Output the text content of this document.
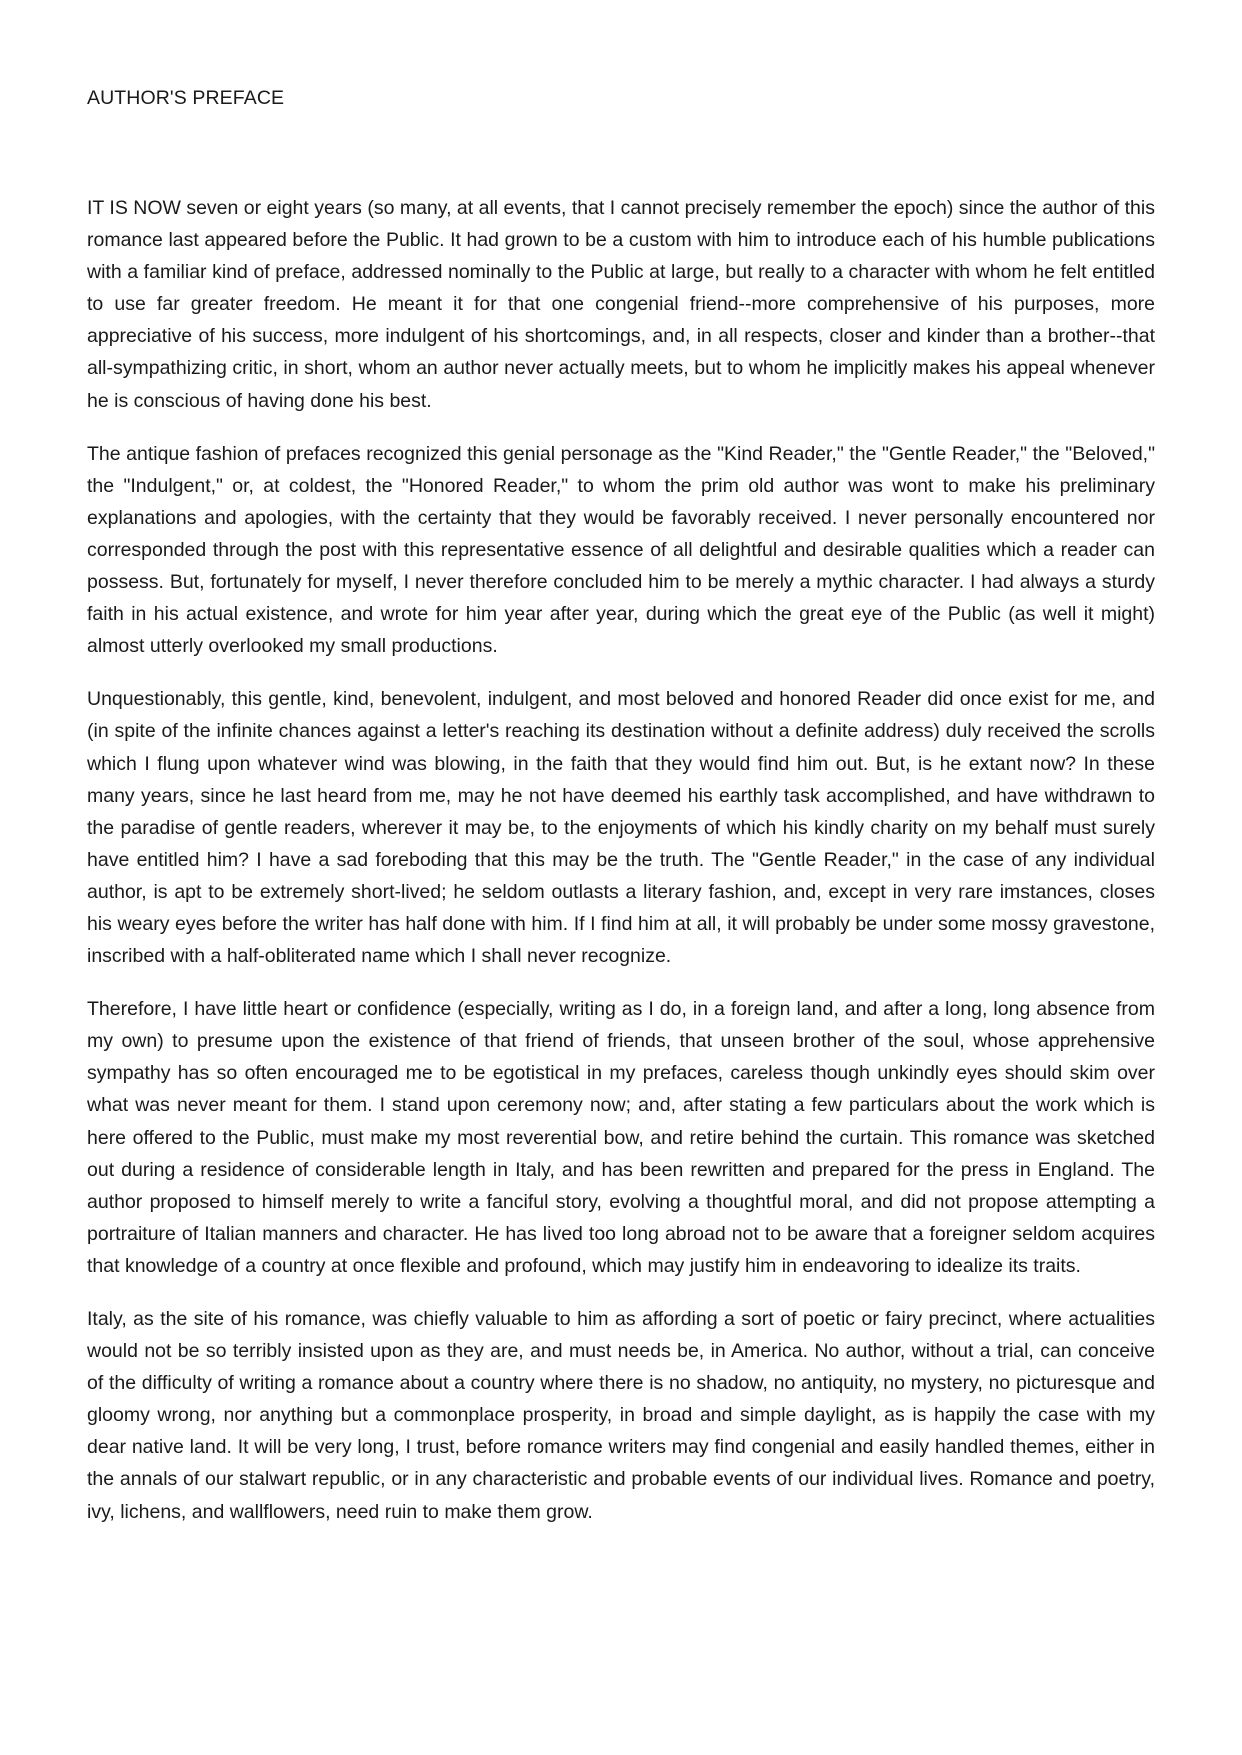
AUTHOR'S PREFACE

IT IS NOW seven or eight years (so many, at all events, that I cannot precisely remember the epoch) since the author of this romance last appeared before the Public. It had grown to be a custom with him to introduce each of his humble publications with a familiar kind of preface, addressed nominally to the Public at large, but really to a character with whom he felt entitled to use far greater freedom. He meant it for that one congenial friend--more comprehensive of his purposes, more appreciative of his success, more indulgent of his shortcomings, and, in all respects, closer and kinder than a brother--that all-sympathizing critic, in short, whom an author never actually meets, but to whom he implicitly makes his appeal whenever he is conscious of having done his best.

The antique fashion of prefaces recognized this genial personage as the "Kind Reader," the "Gentle Reader," the "Beloved," the "Indulgent," or, at coldest, the "Honored Reader," to whom the prim old author was wont to make his preliminary explanations and apologies, with the certainty that they would be favorably received. I never personally encountered nor corresponded through the post with this representative essence of all delightful and desirable qualities which a reader can possess. But, fortunately for myself, I never therefore concluded him to be merely a mythic character. I had always a sturdy faith in his actual existence, and wrote for him year after year, during which the great eye of the Public (as well it might) almost utterly overlooked my small productions.

Unquestionably, this gentle, kind, benevolent, indulgent, and most beloved and honored Reader did once exist for me, and (in spite of the infinite chances against a letter's reaching its destination without a definite address) duly received the scrolls which I flung upon whatever wind was blowing, in the faith that they would find him out. But, is he extant now? In these many years, since he last heard from me, may he not have deemed his earthly task accomplished, and have withdrawn to the paradise of gentle readers, wherever it may be, to the enjoyments of which his kindly charity on my behalf must surely have entitled him? I have a sad foreboding that this may be the truth. The "Gentle Reader," in the case of any individual author, is apt to be extremely short-lived; he seldom outlasts a literary fashion, and, except in very rare imstances, closes his weary eyes before the writer has half done with him. If I find him at all, it will probably be under some mossy gravestone, inscribed with a half-obliterated name which I shall never recognize.

Therefore, I have little heart or confidence (especially, writing as I do, in a foreign land, and after a long, long absence from my own) to presume upon the existence of that friend of friends, that unseen brother of the soul, whose apprehensive sympathy has so often encouraged me to be egotistical in my prefaces, careless though unkindly eyes should skim over what was never meant for them. I stand upon ceremony now; and, after stating a few particulars about the work which is here offered to the Public, must make my most reverential bow, and retire behind the curtain. This romance was sketched out during a residence of considerable length in Italy, and has been rewritten and prepared for the press in England. The author proposed to himself merely to write a fanciful story, evolving a thoughtful moral, and did not propose attempting a portraiture of Italian manners and character. He has lived too long abroad not to be aware that a foreigner seldom acquires that knowledge of a country at once flexible and profound, which may justify him in endeavoring to idealize its traits.

Italy, as the site of his romance, was chiefly valuable to him as affording a sort of poetic or fairy precinct, where actualities would not be so terribly insisted upon as they are, and must needs be, in America. No author, without a trial, can conceive of the difficulty of writing a romance about a country where there is no shadow, no antiquity, no mystery, no picturesque and gloomy wrong, nor anything but a commonplace prosperity, in broad and simple daylight, as is happily the case with my dear native land. It will be very long, I trust, before romance writers may find congenial and easily handled themes, either in the annals of our stalwart republic, or in any characteristic and probable events of our individual lives. Romance and poetry, ivy, lichens, and wallflowers, need ruin to make them grow.
